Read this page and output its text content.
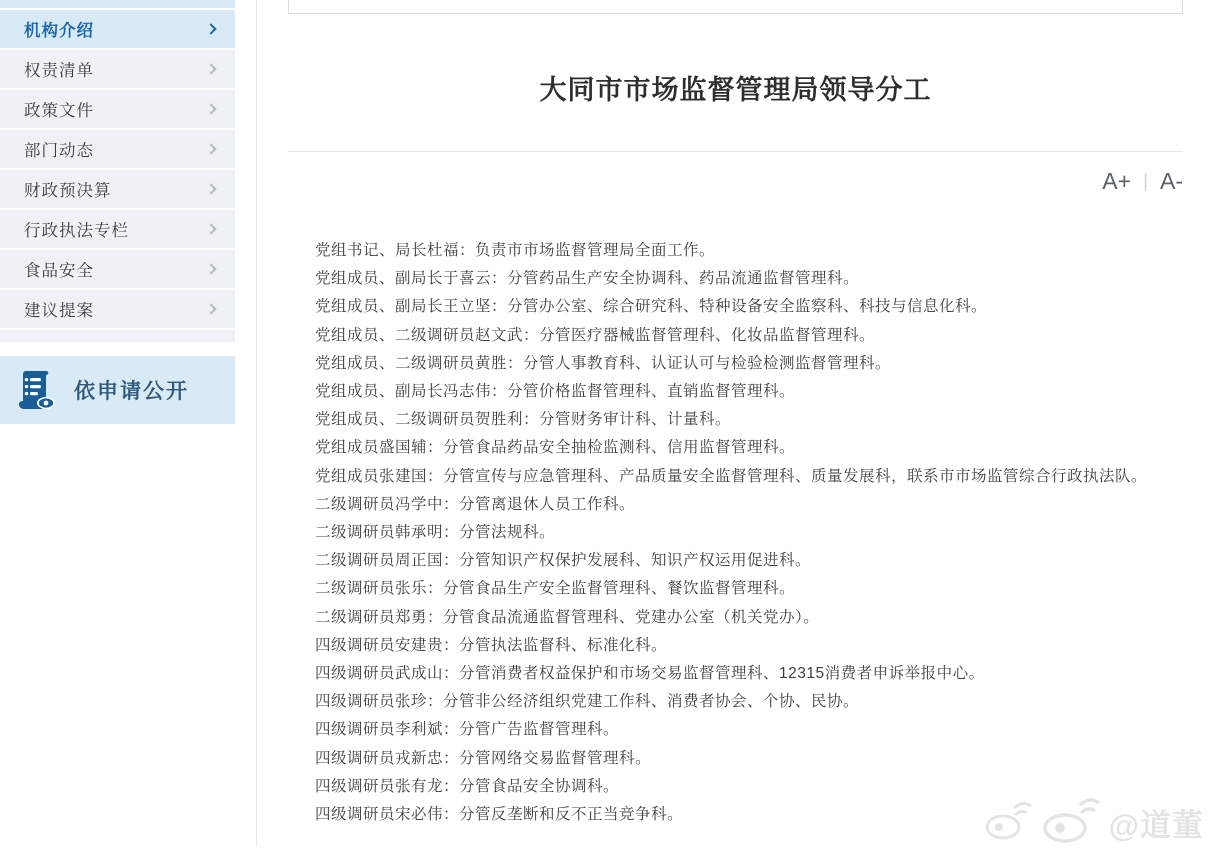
机构介绍
权责清单
政策文件
部门动态
财政预决算
行政执法专栏
食品安全
建议提案
依申请公开
大同市市场监督管理局领导分工
A+ | A-

党组书记、局长杜福：负责市市场监督管理局全面工作。

党组成员、副局长于喜云：分管药品生产安全协调科、药品流通监督管理科。

党组成员、副局长王立坚：分管办公室、综合研究科、特种设备安全监察科、科技与信息化科。

党组成员、二级调研员赵文武：分管医疗器械监督管理科、化妆品监督管理科。

党组成员、二级调研员黄胜：分管人事教育科、认证认可与检验检测监督管理科。

党组成员、副局长冯志伟：分管价格监督管理科、直销监督管理科。

党组成员、二级调研员贺胜利：分管财务审计科、计量科。

党组成员盛国辅：分管食品药品安全抽检监测科、信用监督管理科。

党组成员张建国：分管宣传与应急管理科、产品质量安全监督管理科、质量发展科，联系市市场监管综合行政执法队。

二级调研员冯学中：分管离退休人员工作科。

二级调研员韩承明：分管法规科。

二级调研员周正国：分管知识产权保护发展科、知识产权运用促进科。

二级调研员张乐：分管食品生产安全监督管理科、餐饮监督管理科。

二级调研员郑勇：分管食品流通监督管理科、党建办公室（机关党办）。

四级调研员安建贵：分管执法监督科、标准化科。

四级调研员武成山：分管消费者权益保护和市场交易监督管理科、12315消费者申诉举报中心。

四级调研员张珍：分管非公经济组织党建工作科、消费者协会、个协、民协。

四级调研员李利斌：分管广告监督管理科。

四级调研员戎新忠：分管网络交易监督管理科。

四级调研员张有龙：分管食品安全协调科。

四级调研员宋必伟：分管反垄断和反不正当竞争科。	@道董
